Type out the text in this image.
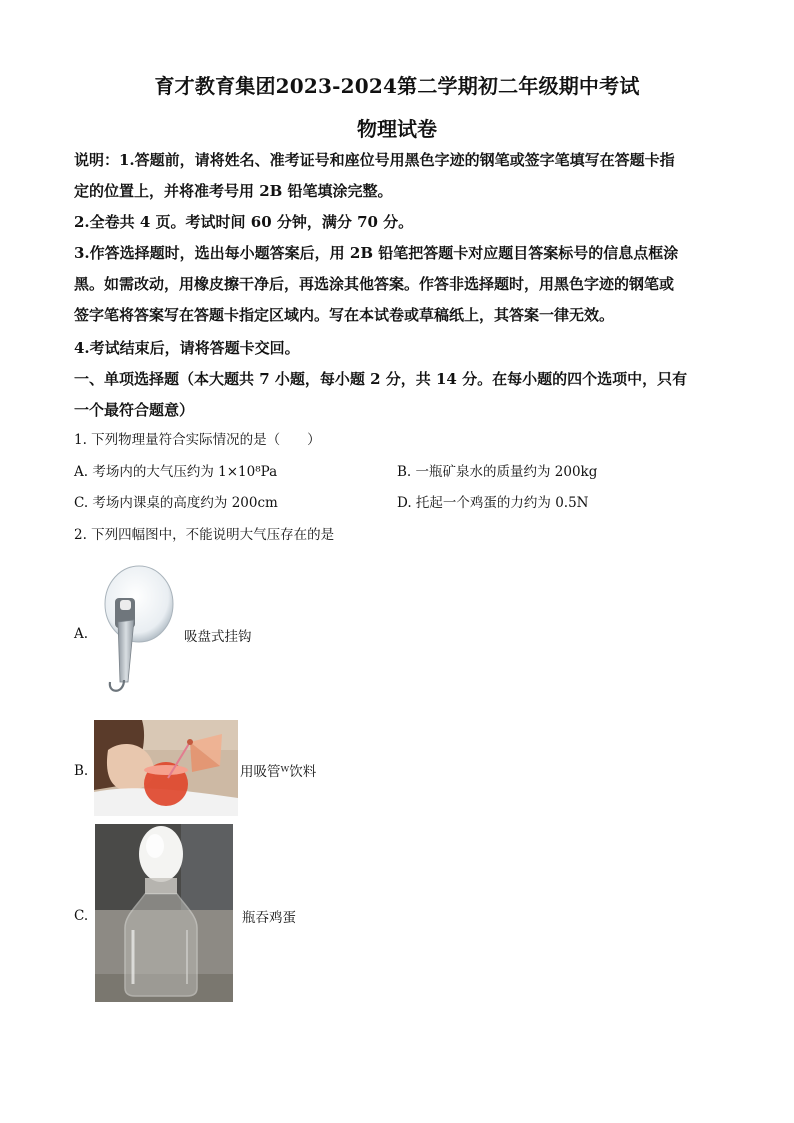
育才教育集团2023-2024第二学期初二年级期中考试
物理试卷
说明：1.答题前，请将姓名、准考证号和座位号用黑色字迹的钢笔或签字笔填写在答题卡指
定的位置上，并将准考号用 2B 铅笔填涂完整。
2.全卷共 4 页。考试时间 60 分钟，满分 70 分。
3.作答选择题时，选出每小题答案后，用 2B 铅笔把答题卡对应题目答案标号的信息点框涂
黑。如需改动，用橡皮擦干净后，再选涂其他答案。作答非选择题时，用黑色字迹的钢笔或
签字笔将答案写在答题卡指定区域内。写在本试卷或草稿纸上，其答案一律无效。
4.考试结束后，请将答题卡交回。
一、单项选择题（本大题共 7 小题，每小题 2 分，共 14 分。在每小题的四个选项中，只有
一个最符合题意）
1. 下列物理量符合实际情况的是（　　）
A. 考场内的大气压约为 1×10⁸Pa	B. 一瓶矿泉水的质量约为 200kg
C. 考场内课桌的高度约为 200cm	D. 托起一个鸡蛋的力约为 0.5N
2. 下列四幅图中，不能说明大气压存在的是
A.	吸盘式挂钩
B.	用吸管ᵂ饮料
C.	瓶吞鸡蛋
